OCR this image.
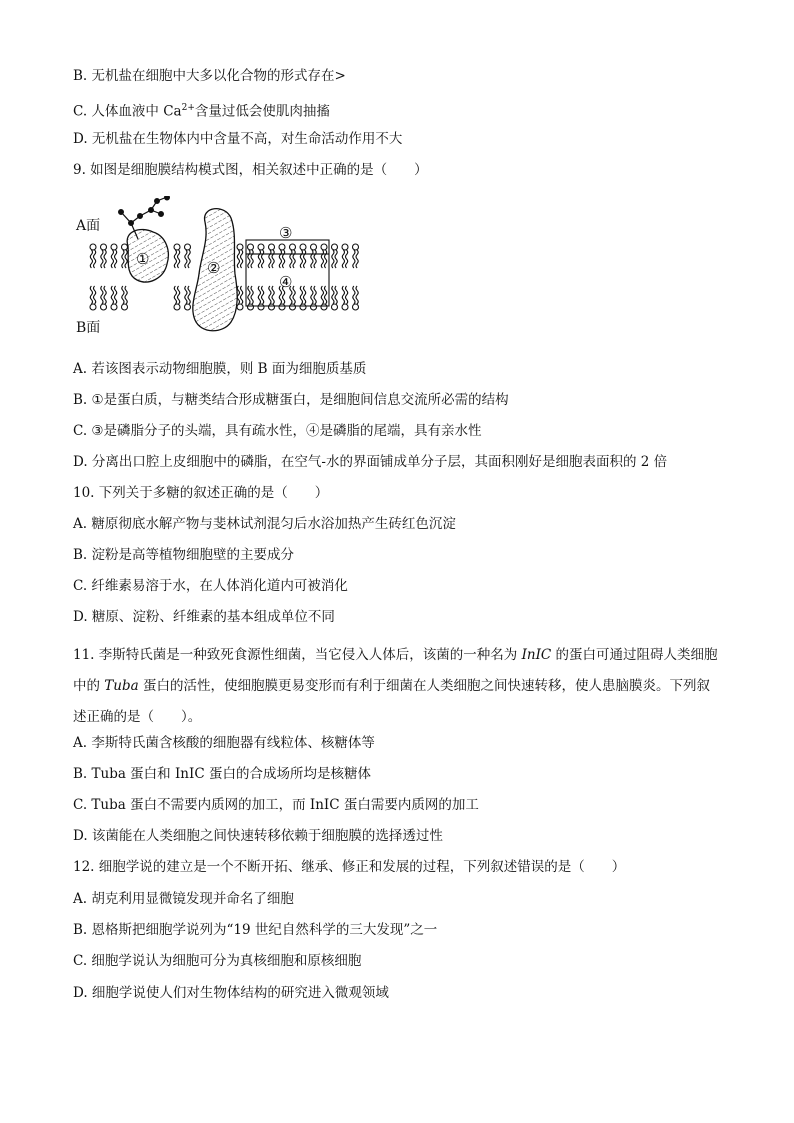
B. 无机盐在细胞中大多以化合物的形式存在>
C. 人体血液中 $Ca^{2+}$含量过低会使肌肉抽搐
D. 无机盐在生物体内中含量不高，对生命活动作用不大
9. 如图是细胞膜结构模式图，相关叙述中正确的是（　　）
①	②
③
④
A面
B面
A. 若该图表示动物细胞膜，则 B 面为细胞质基质
B. ①是蛋白质，与糖类结合形成糖蛋白，是细胞间信息交流所必需的结构
C. ③是磷脂分子的头端，具有疏水性，④是磷脂的尾端，具有亲水性
D. 分离出口腔上皮细胞中的磷脂，在空气-水的界面铺成单分子层，其面积刚好是细胞表面积的 2 倍
10. 下列关于多糖的叙述正确的是（　　）
A. 糖原彻底水解产物与斐林试剂混匀后水浴加热产生砖红色沉淀
B. 淀粉是高等植物细胞壁的主要成分
C. 纤维素易溶于水，在人体消化道内可被消化
D. 糖原、淀粉、纤维素的基本组成单位不同
11. 李斯特氏菌是一种致死食源性细菌，当它侵入人体后，该菌的一种名为 InIC 的蛋白可通过阻碍人类细胞中的 Tuba 蛋白的活性，使细胞膜更易变形而有利于细菌在人类细胞之间快速转移，使人患脑膜炎。下列叙述正确的是（　　）。
A. 李斯特氏菌含核酸的细胞器有线粒体、核糖体等
B. Tuba 蛋白和 InIC 蛋白的合成场所均是核糖体
C. Tuba 蛋白不需要内质网的加工，而 InIC 蛋白需要内质网的加工
D. 该菌能在人类细胞之间快速转移依赖于细胞膜的选择透过性
12. 细胞学说的建立是一个不断开拓、继承、修正和发展的过程，下列叙述错误的是（　　）
A. 胡克利用显微镜发现并命名了细胞
B. 恩格斯把细胞学说列为“19 世纪自然科学的三大发现”之一
C. 细胞学说认为细胞可分为真核细胞和原核细胞
D. 细胞学说使人们对生物体结构的研究进入微观领域
